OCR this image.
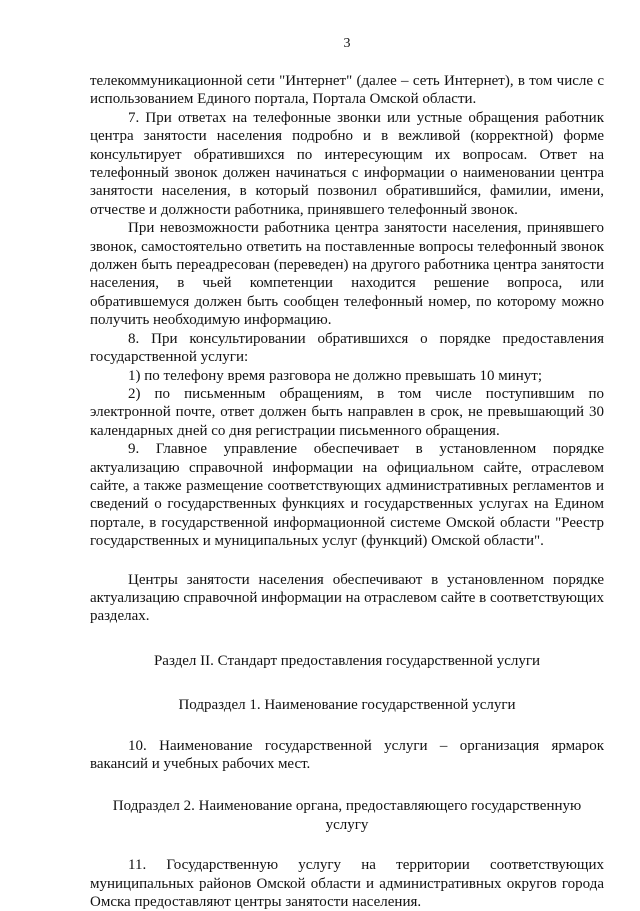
3

телекоммуникационной сети "Интернет" (далее – сеть Интернет), в том числе с использованием Единого портала, Портала Омской области.

7. При ответах на телефонные звонки или устные обращения работник центра занятости населения подробно и в вежливой (корректной) форме консультирует обратившихся по интересующим их вопросам. Ответ на телефонный звонок должен начинаться с информации о наименовании центра занятости населения, в который позвонил обратившийся, фамилии, имени, отчестве и должности работника, принявшего телефонный звонок.

При невозможности работника центра занятости населения, принявшего звонок, самостоятельно ответить на поставленные вопросы телефонный звонок должен быть переадресован (переведен) на другого работника центра занятости населения, в чьей компетенции находится решение вопроса, или обратившемуся должен быть сообщен телефонный номер, по которому можно получить необходимую информацию.

8. При консультировании обратившихся о порядке предоставления государственной услуги:

1) по телефону время разговора не должно превышать 10 минут;

2) по письменным обращениям, в том числе поступившим по электронной почте, ответ должен быть направлен в срок, не превышающий 30 календарных дней со дня регистрации письменного обращения.

9. Главное управление обеспечивает в установленном порядке актуализацию справочной информации на официальном сайте, отраслевом сайте, а также размещение соответствующих административных регламентов и сведений о государственных функциях и государственных услугах на Едином портале, в государственной информационной системе Омской области "Реестр государственных и муниципальных услуг (функций) Омской области".

Центры занятости населения обеспечивают в установленном порядке актуализацию справочной информации на отраслевом сайте в соответствующих разделах.

Раздел II. Стандарт предоставления государственной услуги

Подраздел 1. Наименование государственной услуги

10. Наименование государственной услуги – организация ярмарок вакансий и учебных рабочих мест.

Подраздел 2. Наименование органа, предоставляющего государственную услугу

11. Государственную услугу на территории соответствующих муниципальных районов Омской области и административных округов города Омска предоставляют центры занятости населения.
